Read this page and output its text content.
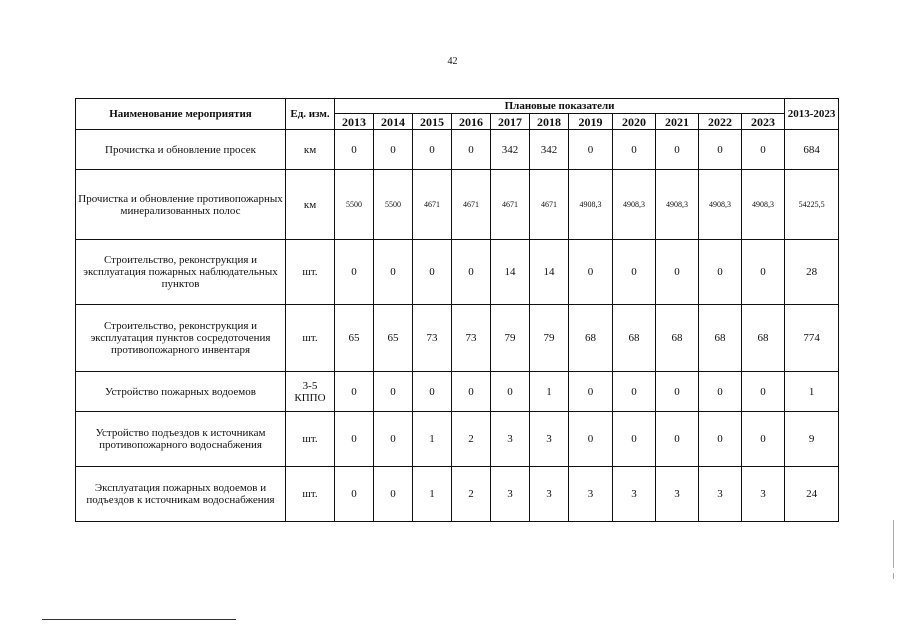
42
Наименование мероприятия	Ед. изм.	Плановые показатели											2013-2023
		2013	2014	2015	2016	2017	2018	2019	2020	2021	2022	2023	
Прочистка и обновление просек	км	0	0	0	0	342	342	0	0	0	0	0	684
Прочистка и обновление противопожарных минерализованных полос	км	5500	5500	4671	4671	4671	4671	4908,3	4908,3	4908,3	4908,3	4908,3	54225,5
Строительство, реконструкция и эксплуатация пожарных наблюдательных пунктов	шт.	0	0	0	0	14	14	0	0	0	0	0	28
Строительство, реконструкция и эксплуатация пунктов сосредоточения противопожарного инвентаря	шт.	65	65	73	73	79	79	68	68	68	68	68	774
Устройство пожарных водоемов	3-5 КППО	0	0	0	0	0	1	0	0	0	0	0	1
Устройство подъездов к источникам противопожарного водоснабжения	шт.	0	0	1	2	3	3	0	0	0	0	0	9
Эксплуатация пожарных водоемов и подъездов к источникам водоснабжения	шт.	0	0	1	2	3	3	3	3	3	3	3	24
